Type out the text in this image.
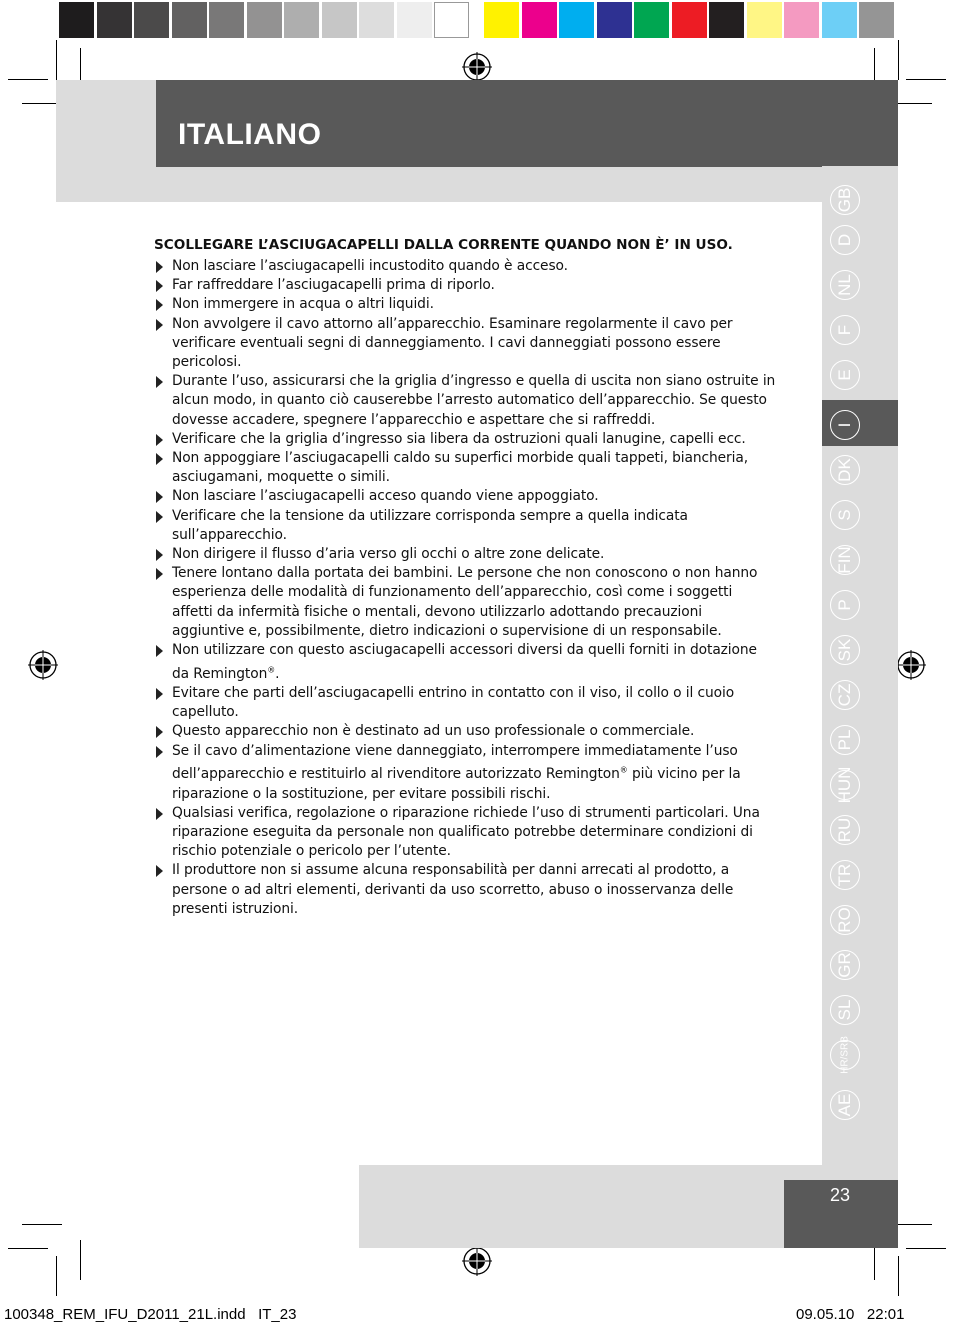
ITALIANO
GB
D
NL
F
E
I
DK
S
FIN
P
SK
CZ
PL
HUN
RU
TR
RO
GR
SL
HR/SRB
AE
23
SCOLLEGARE L’ASCIUGACAPELLI DALLA CORRENTE QUANDO NON È’ IN USO.
Non lasciare l’asciugacapelli incustodito quando è acceso.
Far raffreddare l’asciugacapelli prima di riporlo.
Non immergere in acqua o altri liquidi.
Non avvolgere il cavo attorno all’apparecchio. Esaminare regolarmente il cavo per verificare eventuali segni di danneggiamento. I cavi danneggiati possono essere pericolosi.
Durante l’uso, assicurarsi che la griglia d’ingresso e quella di uscita non siano ostruite in alcun modo, in quanto ciò causerebbe l’arresto automatico dell’apparecchio. Se questo dovesse accadere, spegnere l’apparecchio e aspettare che si raffreddi.
Verificare che la griglia d’ingresso sia libera da ostruzioni quali lanugine, capelli ecc.
Non appoggiare l’asciugacapelli caldo su superfici morbide quali tappeti, biancheria, asciugamani, moquette o simili.
Non lasciare l’asciugacapelli acceso quando viene appoggiato.
Verificare che la tensione da utilizzare corrisponda sempre a quella indicata sull’apparecchio.
Non dirigere il flusso d’aria verso gli occhi o altre zone delicate.
Tenere lontano dalla portata dei bambini. Le persone che non conoscono o non hanno esperienza delle modalità di funzionamento dell’apparecchio, così come i soggetti affetti da infermità fisiche o mentali, devono utilizzarlo adottando precauzioni aggiuntive e, possibilmente, dietro indicazioni o supervisione di un responsabile.
Non utilizzare con questo asciugacapelli accessori diversi da quelli forniti in dotazione da Remington®.
Evitare che parti dell’asciugacapelli entrino in contatto con il viso, il collo o il cuoio capelluto.
Questo apparecchio non è destinato ad un uso professionale o commerciale.
Se il cavo d’alimentazione viene danneggiato, interrompere immediatamente l’uso dell’apparecchio e restituirlo al rivenditore autorizzato Remington® più vicino per la riparazione o la sostituzione, per evitare possibili rischi.
Qualsiasi verifica, regolazione o riparazione richiede l’uso di strumenti particolari. Una riparazione eseguita da personale non qualificato potrebbe determinare condizioni di rischio potenziale o pericolo per l’utente.
Il produttore non si assume alcuna responsabilità per danni arrecati al prodotto, a persone o ad altri elementi, derivanti da uso scorretto, abuso o inosservanza delle presenti istruzioni.
100348_REM_IFU_D2011_21L.indd   IT_23	09.05.10   22:01
